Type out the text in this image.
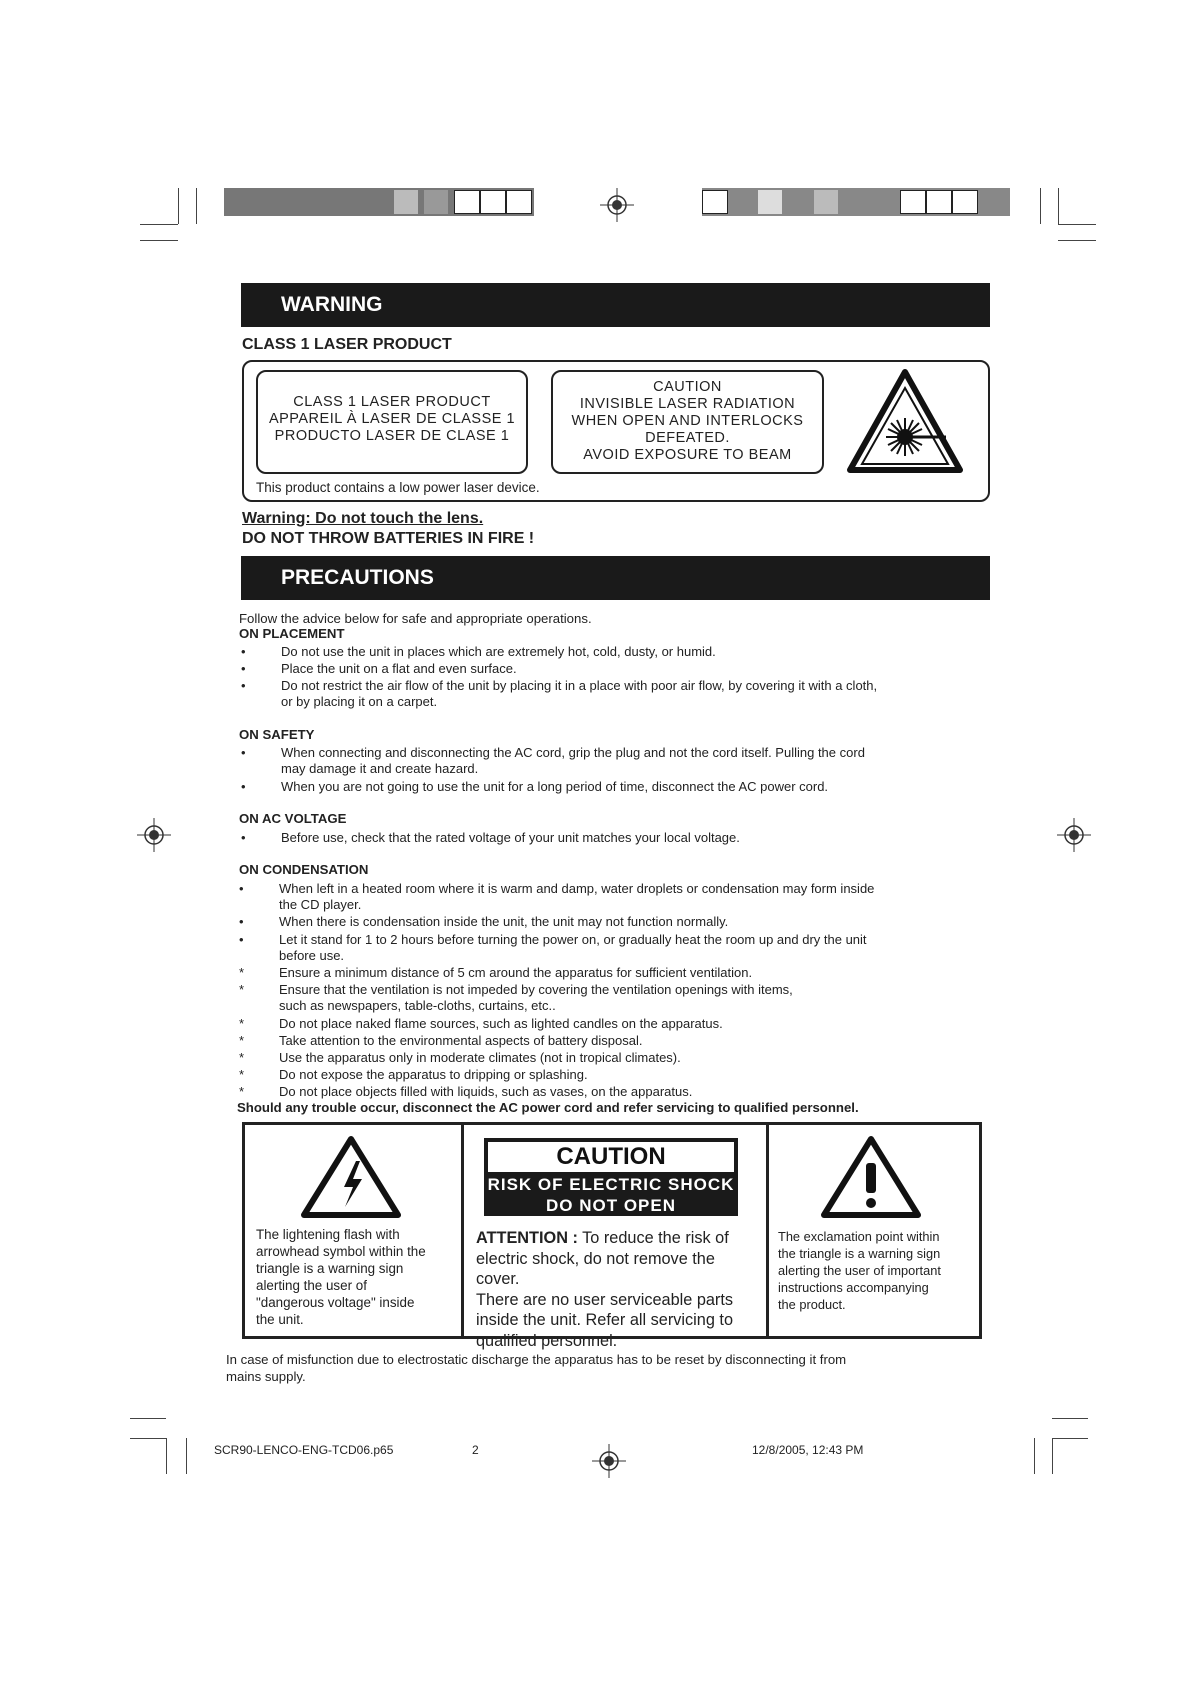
WARNING
CLASS 1 LASER PRODUCT
CLASS 1 LASER PRODUCT
APPAREIL À LASER DE CLASSE 1
PRODUCTO LASER DE CLASE 1
CAUTION
INVISIBLE LASER RADIATION
WHEN OPEN AND INTERLOCKS
DEFEATED.
AVOID EXPOSURE TO BEAM
This product contains a low power laser device.
Warning: Do not touch the lens.
DO NOT THROW BATTERIES IN FIRE !
PRECAUTIONS
Follow the advice below for safe and appropriate operations.
ON PLACEMENT
•	Do not use the unit in places which are extremely hot, cold, dusty, or humid.
•	Place the unit on a flat and even surface.
•	Do not restrict the air flow of the unit by placing it in a place with poor air flow, by covering it with a cloth,
or by placing it on a carpet.
ON SAFETY
•	When connecting and disconnecting the AC cord, grip the plug and not the cord itself. Pulling the cord
may damage it and create hazard.
•	When you are not going to use the unit for a long period of time, disconnect the AC power cord.
ON AC VOLTAGE
•	Before use, check that the rated voltage of your unit matches your local voltage.
ON CONDENSATION
•	When left in a heated room where it is warm and damp, water droplets or condensation may form inside
the CD player.
•	When there is condensation inside the unit, the unit may not function normally.
•	Let it stand for 1 to 2 hours before turning the power on, or gradually heat the room up and dry the unit
before use.
*	Ensure a minimum distance of 5 cm around the apparatus for sufficient ventilation.
*	Ensure that the ventilation is not impeded by covering the ventilation openings with items,
such as newspapers, table-cloths, curtains, etc..
*	Do not place naked flame sources, such as lighted candles on the apparatus.
*	Take attention to the environmental aspects of battery disposal.
*	Use the apparatus only in moderate climates (not in tropical climates).
*	Do not expose the apparatus to dripping or splashing.
*	Do not place objects filled with liquids, such as vases, on the apparatus.
Should any trouble occur, disconnect the AC power cord and refer servicing to qualified personnel.
The lightening flash with
arrowhead symbol within the
triangle is a warning sign
alerting the user of
"dangerous voltage" inside
the unit.
CAUTION
RISK OF ELECTRIC SHOCK
DO NOT OPEN
ATTENTION : To reduce the risk of
electric shock, do not remove the cover.
There are no user serviceable parts
inside the unit. Refer all servicing to
qualified personnel.
The exclamation point within
the triangle is a warning sign
alerting the user of important
instructions accompanying
the product.
In case of misfunction due to electrostatic discharge the apparatus has to be reset by disconnecting it from
mains supply.
SCR90-LENCO-ENG-TCD06.p65	2	12/8/2005, 12:43 PM
